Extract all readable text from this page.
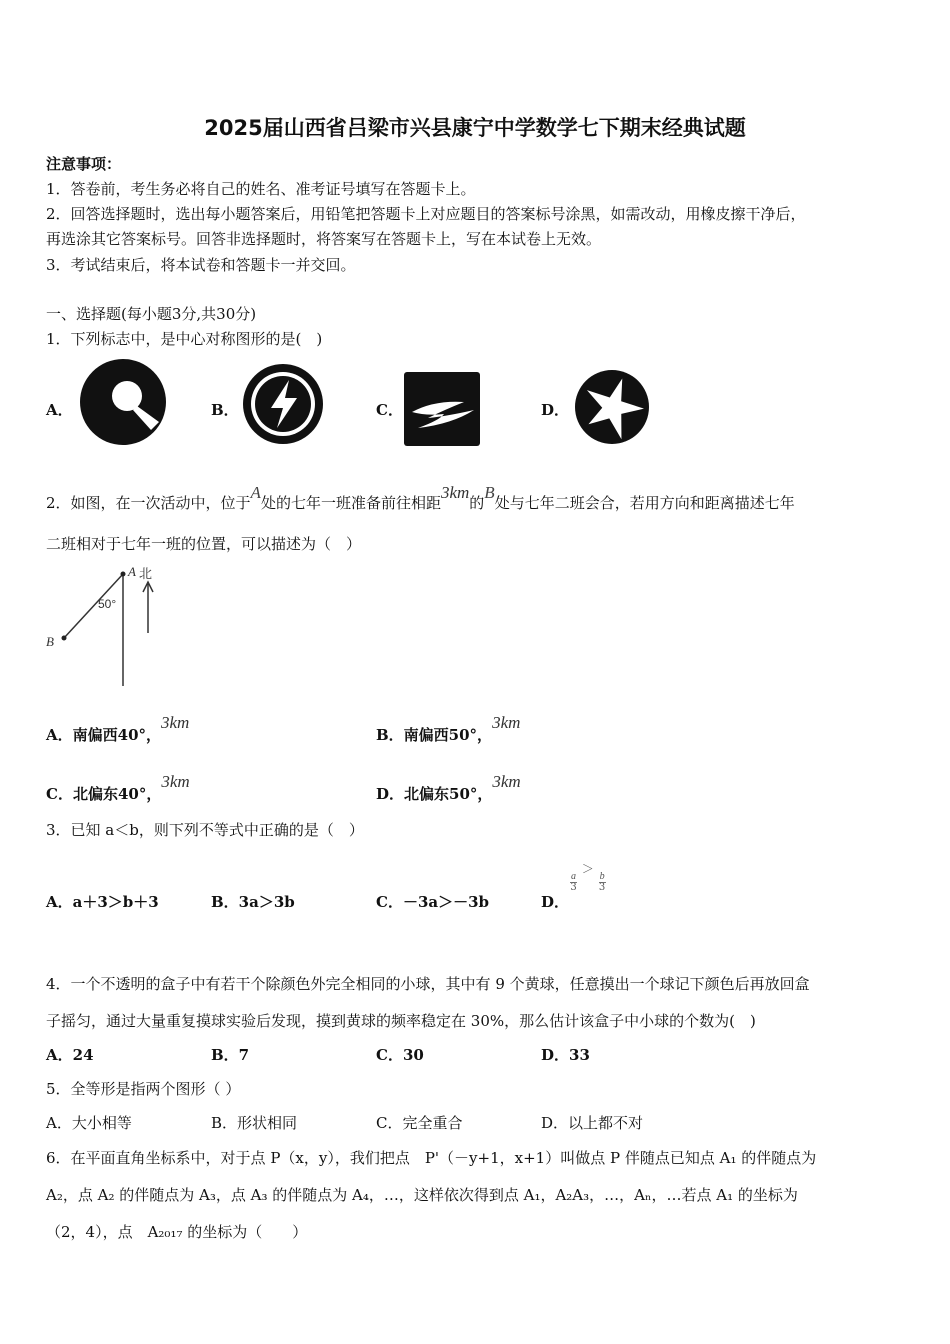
2025届山西省吕梁市兴县康宁中学数学七下期末经典试题
注意事项：
1．答卷前，考生务必将自己的姓名、准考证号填写在答题卡上。
2．回答选择题时，选出每小题答案后，用铅笔把答题卡上对应题目的答案标号涂黑，如需改动，用橡皮擦干净后，
再选涂其它答案标号。回答非选择题时，将答案写在答题卡上，写在本试卷上无效。
3．考试结束后，将本试卷和答题卡一并交回。
一、选择题(每小题3分,共30分)
1．下列标志中，是中心对称图形的是(　)
A．	B．	C．	D．
2．如图，在一次活动中，位于A处的七年一班准备前往相距3km的B处与七年二班会合，若用方向和距离描述七年
二班相对于七年一班的位置，可以描述为（　）
A 北
50°
B
A．南偏西40°，3km
B．南偏西50°，3km
C．北偏东40°，3km
D．北偏东50°，3km
3．已知 a＜b，则下列不等式中正确的是（　）
A．a＋3＞b＋3	B．3a＞3b	C．－3a＞－3b	D．
$\frac{a}{3}$
＞
$\frac{b}{3}$
4．一个不透明的盒子中有若干个除颜色外完全相同的小球，其中有 9 个黄球，任意摸出一个球记下颜色后再放回盒
子摇匀，通过大量重复摸球实验后发现，摸到黄球的频率稳定在 30%，那么估计该盒子中小球的个数为(　)
A．24	B．7	C．30	D．33
5．全等形是指两个图形（ ）
A．大小相等	B．形状相同	C．完全重合	D．以上都不对
6．在平面直角坐标系中，对于点 P（x，y），我们把点　P'（－y+1，x+1）叫做点 P 伴随点已知点 A₁ 的伴随点为
A₂，点 A₂ 的伴随点为 A₃，点 A₃ 的伴随点为 A₄，…，这样依次得到点 A₁，A₂A₃，…，Aₙ，…若点 A₁ 的坐标为
（2，4），点　A₂₀₁₇ 的坐标为（　　）
